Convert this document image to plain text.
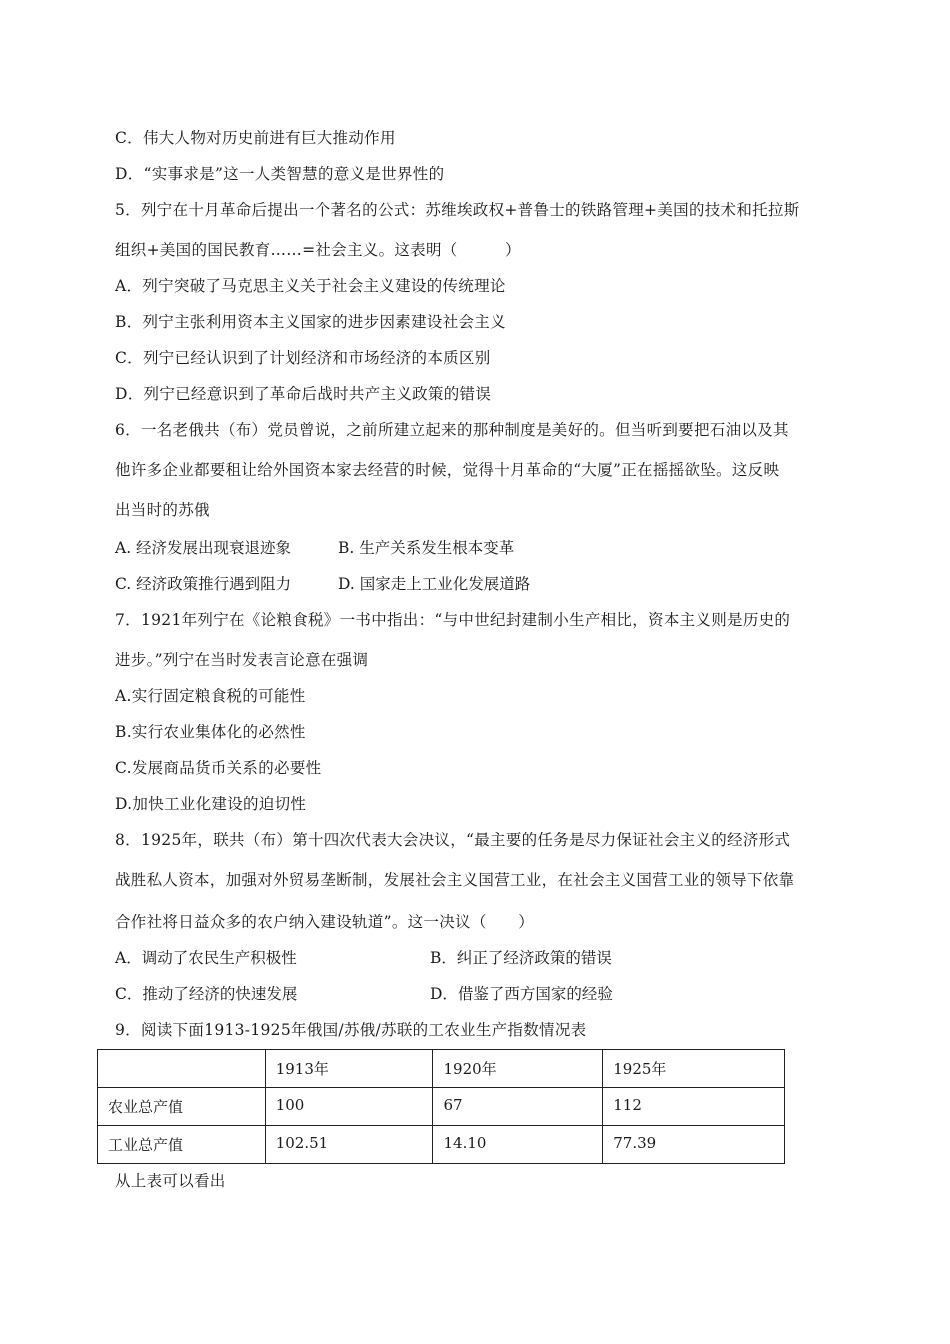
C．伟大人物对历史前进有巨大推动作用
D．“实事求是”这一人类智慧的意义是世界性的
5．列宁在十月革命后提出一个著名的公式：苏维埃政权+普鲁士的铁路管理+美国的技术和托拉斯
组织+美国的国民教育……=社会主义。这表明（　　　）
A．列宁突破了马克思主义关于社会主义建设的传统理论
B．列宁主张利用资本主义国家的进步因素建设社会主义
C．列宁已经认识到了计划经济和市场经济的本质区别
D．列宁已经意识到了革命后战时共产主义政策的错误
6．一名老俄共（布）党员曾说，之前所建立起来的那种制度是美好的。但当听到要把石油以及其
他许多企业都要租让给外国资本家去经营的时候，觉得十月革命的“大厦”正在摇摇欲坠。这反映
出当时的苏俄
A. 经济发展出现衰退迹象	B. 生产关系发生根本变革
C. 经济政策推行遇到阻力	D. 国家走上工业化发展道路
7．1921年列宁在《论粮食税》一书中指出：“与中世纪封建制小生产相比，资本主义则是历史的
进步。”列宁在当时发表言论意在强调
A.实行固定粮食税的可能性
B.实行农业集体化的必然性
C.发展商品货币关系的必要性
D.加快工业化建设的迫切性
8．1925年，联共（布）第十四次代表大会决议，“最主要的任务是尽力保证社会主义的经济形式
战胜私人资本，加强对外贸易垄断制，发展社会主义国营工业，在社会主义国营工业的领导下依靠
合作社将日益众多的农户纳入建设轨道”。这一决议（　　）
A．调动了农民生产积极性	B．纠正了经济政策的错误
C．推动了经济的快速发展	D．借鉴了西方国家的经验
9．阅读下面1913-1925年俄国/苏俄/苏联的工农业生产指数情况表
	1913年	1920年	1925年
农业总产值	100	67	112
工业总产值	102.51	14.10	77.39
从上表可以看出
